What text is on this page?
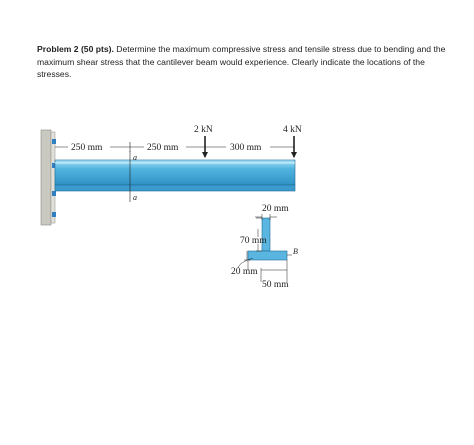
Problem 2 (50 pts). Determine the maximum compressive stress and tensile stress due to bending and the maximum shear stress that the cantilever beam would experience. Clearly indicate the locations of the stresses.
a
a
250 mm	250 mm	300 mm
2 kN	4 kN
20 mm
70 mm
B
20 mm
50 mm
